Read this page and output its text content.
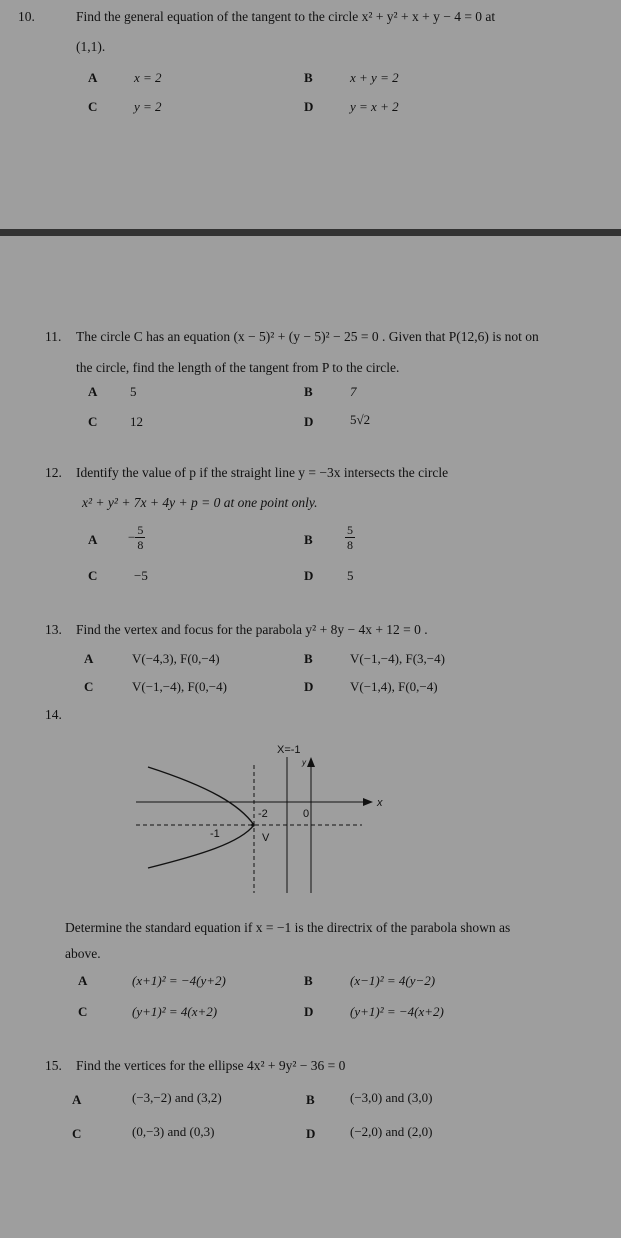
10.	Find the general equation of the tangent to the circle x² + y² + x + y − 4 = 0 at
(1,1).
A	x = 2	B	x + y = 2
C	y = 2	D	y = x + 2
11. The circle C has an equation (x − 5)² + (y − 5)² − 25 = 0 . Given that P(12,6) is not on
the circle, find the length of the tangent from P to the circle.
A	5	B	7
C	12	D	5√2
12. Identify the value of p if the straight line y = −3x intersects the circle
x² + y² + 7x + 4y + p = 0 at one point only.
$A - \frac{5}{8}$	B	$\frac{5}{8}$
C	−5	D	5
13. Find the vertex and focus for the parabola y² + 8y − 4x + 12 = 0 .
A	V(−4,3), F(0,−4)	B	V(−1,−4), F(3,−4)
C	V(−1,−4), F(0,−4)	D	V(−1,4), F(0,−4)
14.
X=-1
y
x
-2	0
-1	V
Determine the standard equation if x = −1 is the directrix of the parabola shown as
above.
A	(x+1)² = −4(y+2)	B	(x−1)² = 4(y−2)
C	(y+1)² = 4(x+2)	D	(y+1)² = −4(x+2)
15. Find the vertices for the ellipse 4x² + 9y² − 36 = 0
A	(−3,−2) and (3,2)	B	(−3,0) and (3,0)
C	(0,−3) and (0,3)	D	(−2,0) and (2,0)
